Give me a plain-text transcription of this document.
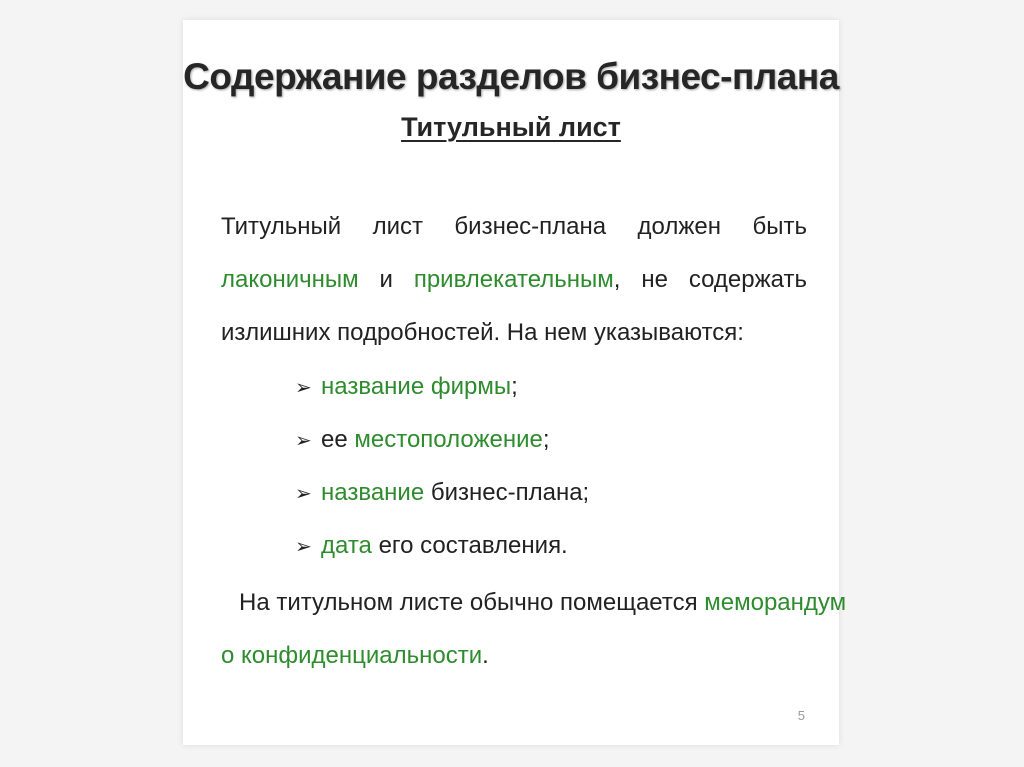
Содержание разделов бизнес-плана
Титульный лист
Титульный лист бизнес-плана должен быть
лаконичным и привлекательным, не содержать
излишних подробностей. На нем указываются:
➢ название фирмы;
➢ ее местоположение;
➢ название бизнес-плана;
➢ дата его составления.
На титульном листе обычно помещается меморандум
о конфиденциальности.
5
